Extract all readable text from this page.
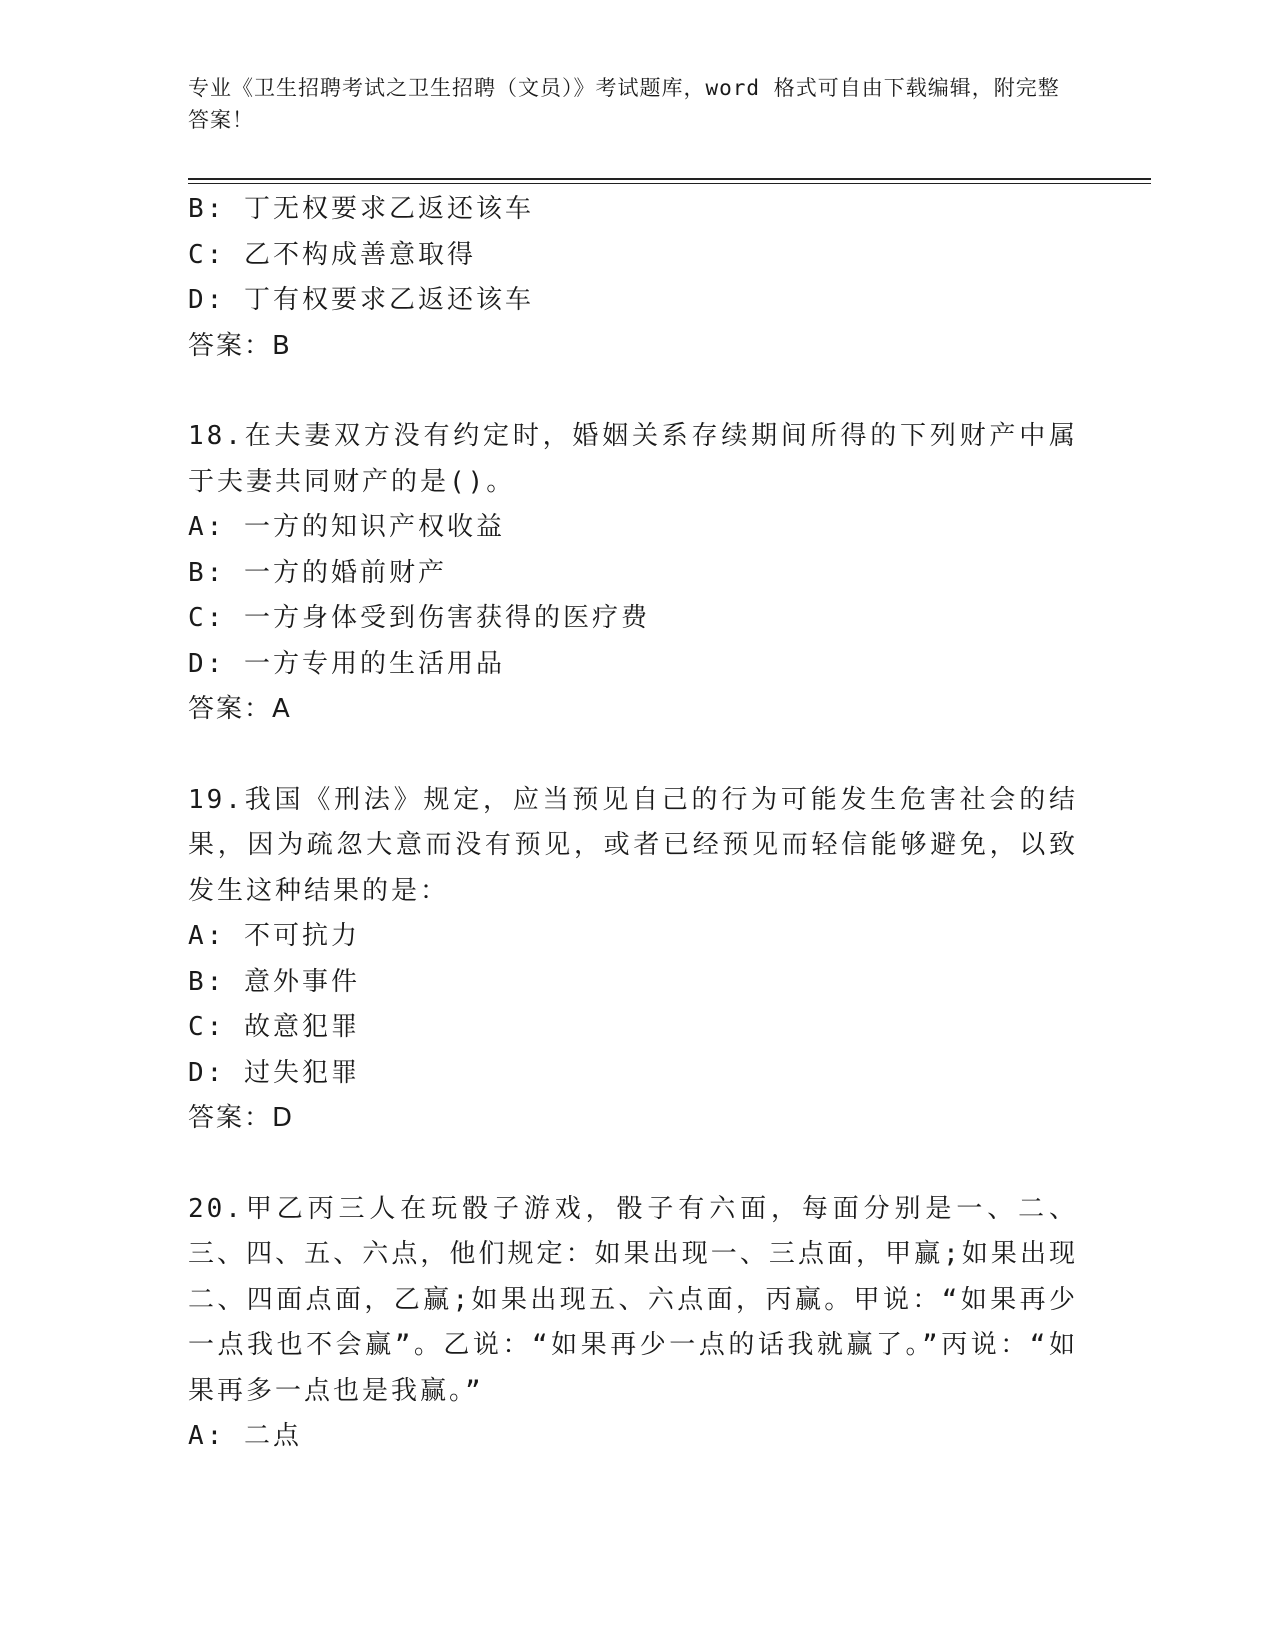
专业《卫生招聘考试之卫生招聘（文员）》考试题库，word 格式可自由下载编辑，附完整答案！
B: 丁无权要求乙返还该车
C: 乙不构成善意取得
D: 丁有权要求乙返还该车
答案：B
18.在夫妻双方没有约定时，婚姻关系存续期间所得的下列财产中属于夫妻共同财产的是()。
A: 一方的知识产权收益
B: 一方的婚前财产
C: 一方身体受到伤害获得的医疗费
D: 一方专用的生活用品
答案：A
19.我国《刑法》规定，应当预见自己的行为可能发生危害社会的结果，因为疏忽大意而没有预见，或者已经预见而轻信能够避免，以致发生这种结果的是：
A: 不可抗力
B: 意外事件
C: 故意犯罪
D: 过失犯罪
答案：D
20.甲乙丙三人在玩骰子游戏，骰子有六面，每面分别是一、二、三、四、五、六点，他们规定：如果出现一、三点面，甲赢;如果出现二、四面点面，乙赢;如果出现五、六点面，丙赢。甲说：“如果再少一点我也不会赢”。乙说：“如果再少一点的话我就赢了。”丙说：“如果再多一点也是我赢。”
A: 二点
